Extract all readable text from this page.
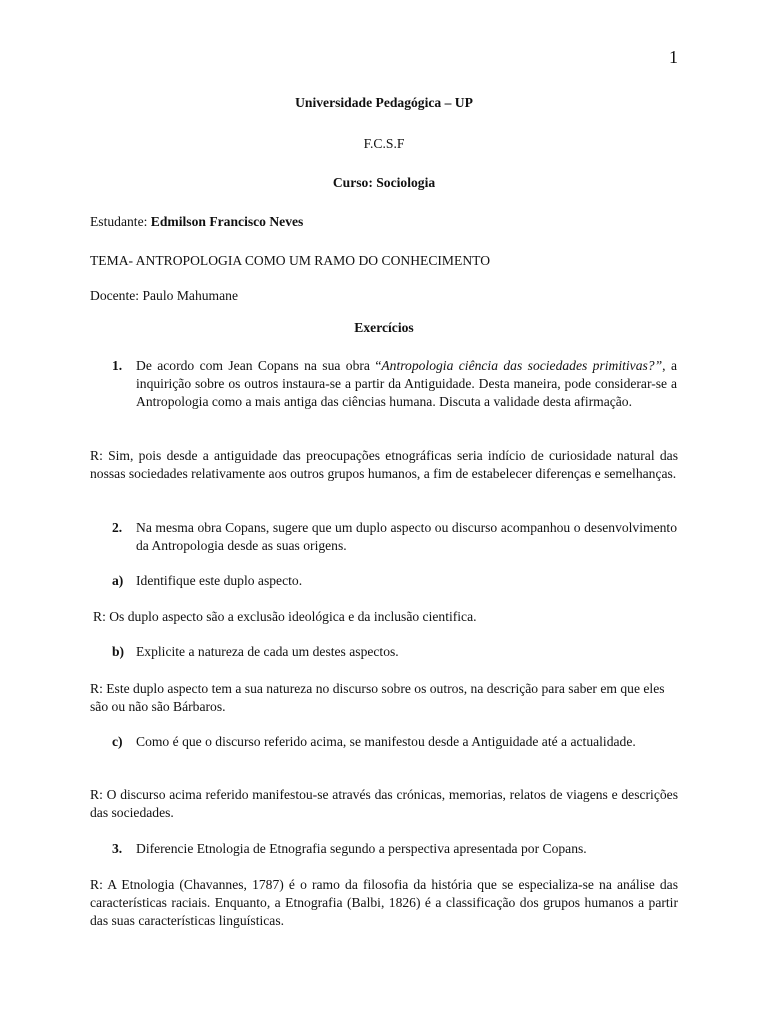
1
Universidade Pedagógica – UP
F.C.S.F
Curso: Sociologia
Estudante: Edmilson Francisco Neves
TEMA- ANTROPOLOGIA COMO UM RAMO DO CONHECIMENTO
Docente: Paulo Mahumane
Exercícios
1. De acordo com Jean Copans na sua obra “Antropologia ciência das sociedades primitivas?”, a inquirição sobre os outros instaura-se a partir da Antiguidade. Desta maneira, pode considerar-se a Antropologia como a mais antiga das ciências humana. Discuta a validade desta afirmação.
R: Sim, pois desde a antiguidade das preocupações etnográficas seria indício de curiosidade natural das nossas sociedades relativamente aos outros grupos humanos, a fim de estabelecer diferenças e semelhanças.
2. Na mesma obra Copans, sugere que um duplo aspecto ou discurso acompanhou o desenvolvimento da Antropologia desde as suas origens.
a) Identifique este duplo aspecto.
R: Os duplo aspecto são a exclusão ideológica e da inclusão cientifica.
b) Explicite a natureza de cada um destes aspectos.
R: Este duplo aspecto tem a sua natureza no discurso sobre os outros, na descrição para saber em que eles são ou não são Bárbaros.
c) Como é que o discurso referido acima, se manifestou desde a Antiguidade até a actualidade.
R: O discurso acima referido manifestou-se através das crónicas, memorias, relatos de viagens e descrições das sociedades.
3. Diferencie Etnologia de Etnografia segundo a perspectiva apresentada por Copans.
R: A Etnologia (Chavannes, 1787) é o ramo da filosofia da história que se especializa-se na análise das características raciais. Enquanto, a Etnografia (Balbi, 1826) é a classificação dos grupos humanos a partir das suas características linguísticas.
